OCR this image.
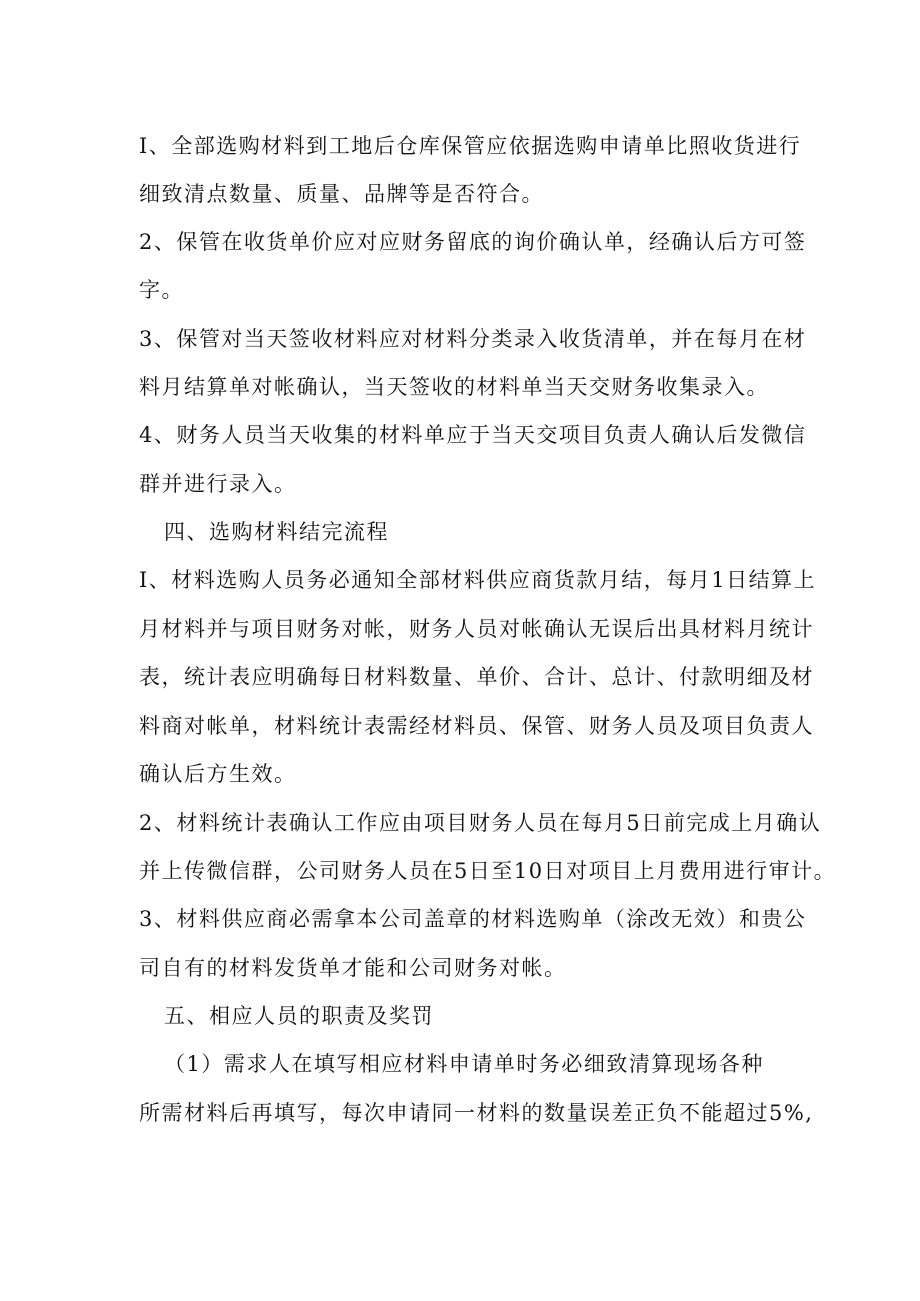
I、全部选购材料到工地后仓库保管应依据选购申请单比照收货进行
细致清点数量、质量、品牌等是否符合。
2、保管在收货单价应对应财务留底的询价确认单，经确认后方可签
字。
3、保管对当天签收材料应对材料分类录入收货清单，并在每月在材
料月结算单对帐确认，当天签收的材料单当天交财务收集录入。
4、财务人员当天收集的材料单应于当天交项目负责人确认后发微信
群并进行录入。
四、选购材料结完流程
I、材料选购人员务必通知全部材料供应商货款月结，每月1日结算上
月材料并与项目财务对帐，财务人员对帐确认无误后出具材料月统计
表，统计表应明确每日材料数量、单价、合计、总计、付款明细及材
料商对帐单，材料统计表需经材料员、保管、财务人员及项目负责人
确认后方生效。
2、材料统计表确认工作应由项目财务人员在每月5日前完成上月确认
并上传微信群，公司财务人员在5日至10日对项目上月费用进行审计。
3、材料供应商必需拿本公司盖章的材料选购单（涂改无效）和贵公
司自有的材料发货单才能和公司财务对帐。
五、相应人员的职责及奖罚
（1）需求人在填写相应材料申请单时务必细致清算现场各种
所需材料后再填写，每次申请同一材料的数量误差正负不能超过5%,
